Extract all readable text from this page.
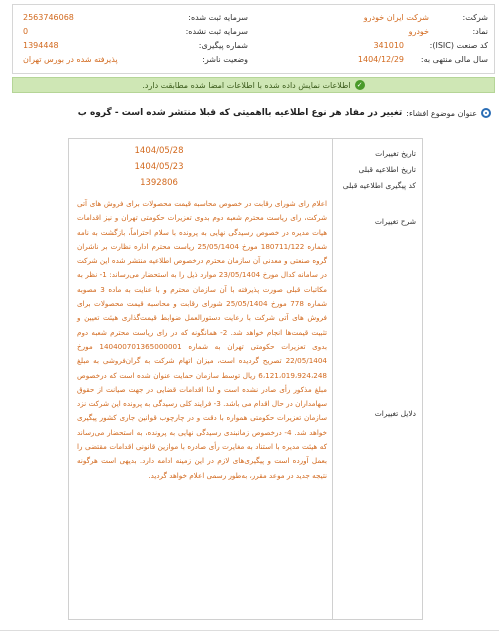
شرکت:
شرکت ایران خودرو
نماد:
خودرو
کد صنعت (ISIC):
341010
سال مالی منتهی به:
1404/12/29
سرمایه ثبت شده:
2563746068
سرمایه ثبت نشده:
0
شماره پیگیری:
1394448
وضعیت ناشر:
پذیرفته شده در بورس تهران
✓
اطلاعات نمایش داده شده با اطلاعات امضا شده مطابقت دارد.
عنوان موضوع افشاء:
تغییر در مفاد هر نوع اطلاعیه بااهمیتی که قبلا منتشر شده است - گروه ب
تاریخ تغییرات
تاریخ اطلاعیه قبلی
کد پیگیری اطلاعیه قبلی
شرح تغییرات
دلایل تغییرات
1404/05/28
1404/05/23
1392806
اعلام رای شورای رقابت در خصوص محاسبه قیمت محصولات برای فروش های آتی شرکت، رای ریاست محترم شعبه دوم بدوی تعزیرات حکومتی تهران و نیز اقدامات هیات مدیره در خصوص رسیدگی نهایی به پرونده با سلام احتراماً، بازگشت به نامه شماره 180711/122 مورخ 25/05/1404 ریاست محترم اداره نظارت بر ناشران گروه صنعتی و معدنی آن سازمان محترم درخصوص اطلاعیه منتشر شده این شرکت در سامانه کدال مورخ 23/05/1404 موارد ذیل را به استحضار می‌رساند: 1- نظر به مکاتبات قبلی صورت پذیرفته با آن سازمان محترم و با عنایت به ماده 3 مصوبه شماره 778 مورخ 25/05/1404 شورای رقابت و محاسبه قیمت محصولات برای فروش های آتی شرکت با رعایت دستورالعمل ضوابط قیمت‌گذاری هیئت تعیین و تثبیت قیمت‌ها انجام خواهد شد. 2- همانگونه که در رای ریاست محترم شعبه دوم بدوی تعزیرات حکومتی تهران به شماره 140400701365000001 مورخ 22/05/1404 تصریح گردیده است، میزان اتهام شرکت به گران‌فروشی به مبلغ 6،121،019،924،248 ریال توسط سازمان حمایت عنوان شده است که درخصوص مبلغ مذکور رأی صادر نشده است و لذا اقدامات قضایی در جهت صیانت از حقوق سهامداران در حال اقدام می باشد. 3- فرایند کلی رسیدگی به پرونده این شرکت نزد سازمان تعزیرات حکومتی همواره با دقت و در چارچوب قوانین جاری کشور پیگیری خواهد شد. 4- درخصوص زمانبندی رسیدگی نهایی به پرونده، به استحضار می‌رساند که هیئت مدیره با استناد به مغایرت رأی صادره با موازین قانونی اقدامات مقتضی را بعمل آورده است و پیگیری‌های لازم در این زمینه ادامه دارد. بدیهی است هرگونه نتیجه جدید در موعد مقرر، به‌طور رسمی اعلام خواهد گردید.
